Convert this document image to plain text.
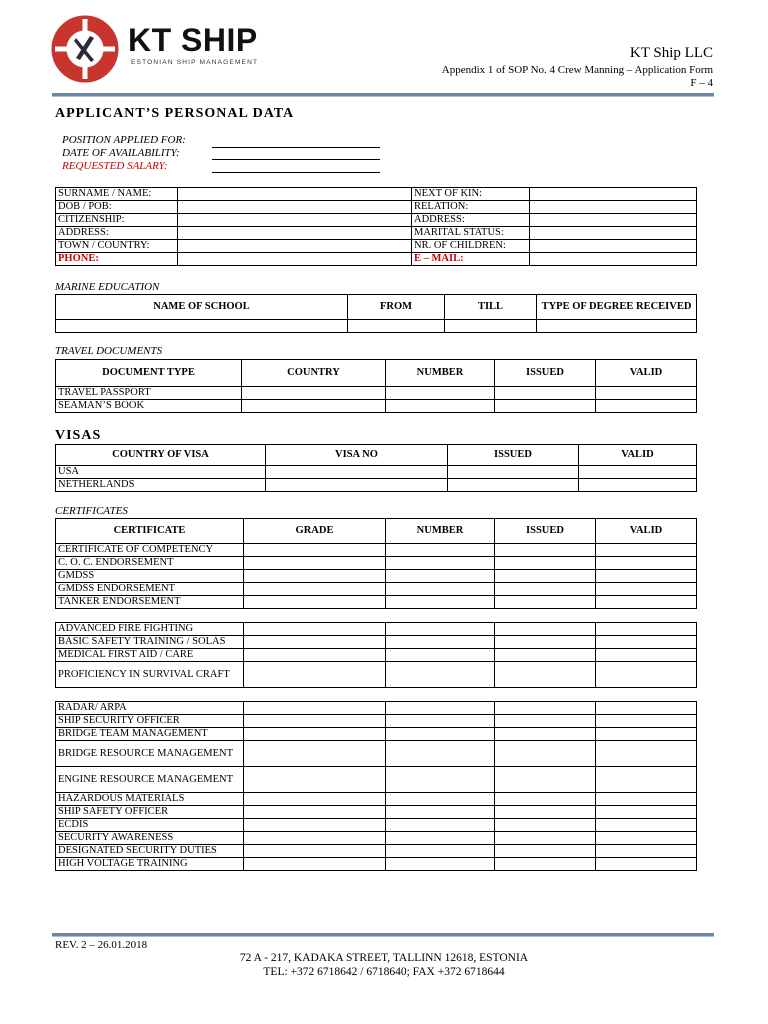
KT SHIP
ESTONIAN SHIP MANAGEMENT
KT Ship LLC
Appendix 1 of SOP No. 4 Crew Manning – Application Form
F – 4
APPLICANT’S PERSONAL DATA
POSITION APPLIED FOR:
DATE OF AVAILABILITY:
REQUESTED SALARY:
SURNAME / NAME:		NEXT OF KIN:	
DOB / POB:		RELATION:	
CITIZENSHIP:		ADDRESS:	
ADDRESS:		MARITAL STATUS:	
TOWN / COUNTRY:		NR. OF CHILDREN:	
PHONE:		E – MAIL:	
MARINE EDUCATION
NAME OF SCHOOL	FROM	TILL	TYPE OF DEGREE RECEIVED

TRAVEL DOCUMENTS
DOCUMENT TYPE	COUNTRY	NUMBER	ISSUED	VALID
TRAVEL PASSPORT				
SEAMAN’S BOOK				
VISAS
COUNTRY OF VISA	VISA NO	ISSUED	VALID
USA			
NETHERLANDS			
CERTIFICATES
CERTIFICATE	GRADE	NUMBER	ISSUED	VALID
CERTIFICATE OF COMPETENCY				
C. O. C. ENDORSEMENT				
GMDSS				
GMDSS ENDORSEMENT				
TANKER ENDORSEMENT				
ADVANCED FIRE FIGHTING				
BASIC SAFETY TRAINING / SOLAS				
MEDICAL FIRST AID / CARE				
PROFICIENCY IN SURVIVAL CRAFT				
RADAR/ ARPA				
SHIP SECURITY OFFICER				
BRIDGE TEAM MANAGEMENT				
BRIDGE RESOURCE MANAGEMENT				
ENGINE RESOURCE MANAGEMENT				
HAZARDOUS MATERIALS				
SHIP SAFETY OFFICER				
ECDIS				
SECURITY AWARENESS				
DESIGNATED SECURITY DUTIES				
HIGH VOLTAGE TRAINING				
REV. 2 – 26.01.2018
72 A - 217, KADAKA STREET, TALLINN 12618, ESTONIA
TEL: +372 6718642 / 6718640; FAX +372 6718644
